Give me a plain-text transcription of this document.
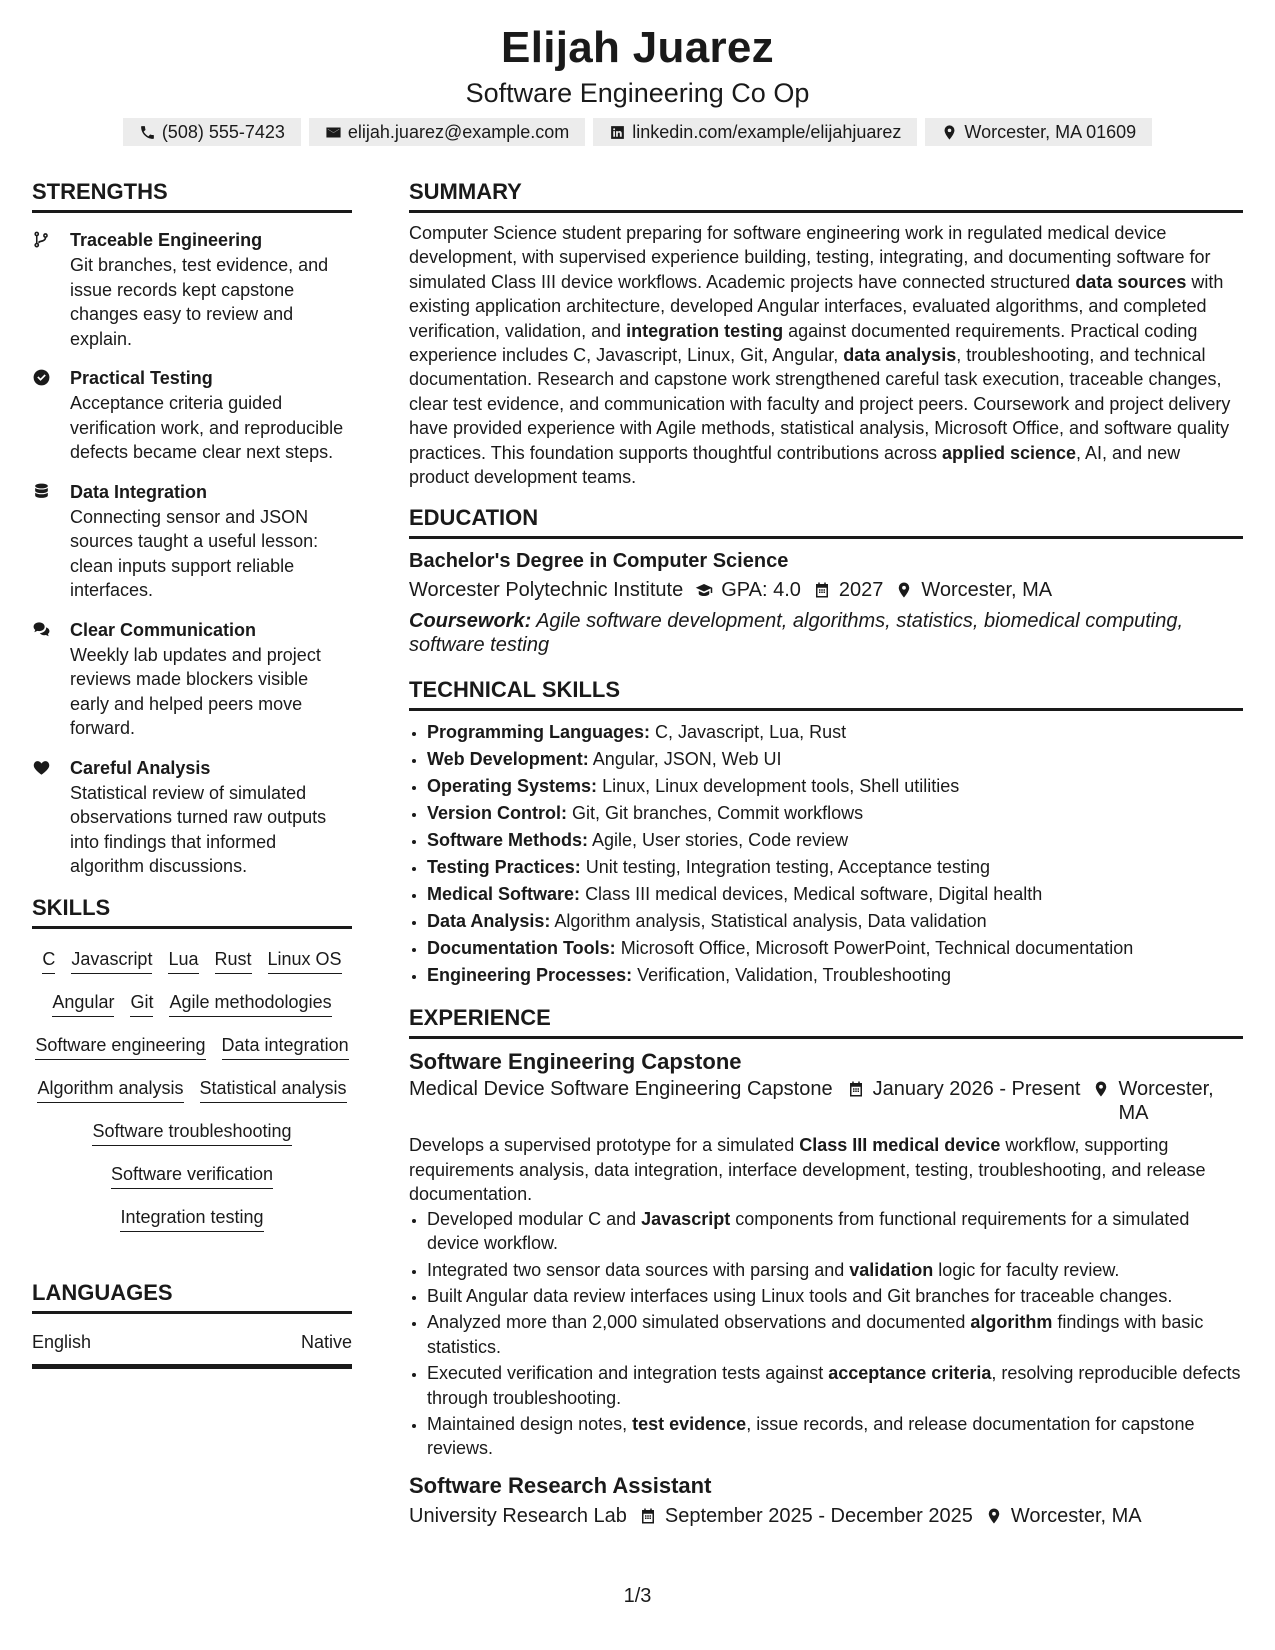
Elijah Juarez
Software Engineering Co Op
(508) 555-7423	elijah.juarez@example.com	linkedin.com/example/elijahjuarez	Worcester, MA 01609
STRENGTHS
Traceable Engineering
Git branches, test evidence, and issue records kept capstone changes easy to review and explain.
Practical Testing
Acceptance criteria guided verification work, and reproducible defects became clear next steps.
Data Integration
Connecting sensor and JSON sources taught a useful lesson: clean inputs support reliable interfaces.
Clear Communication
Weekly lab updates and project reviews made blockers visible early and helped peers move forward.
Careful Analysis
Statistical review of simulated observations turned raw outputs into findings that informed algorithm discussions.
SKILLS
C Javascript Lua Rust Linux OS
Angular Git Agile methodologies
Software engineering Data integration
Algorithm analysis Statistical analysis
Software troubleshooting
Software verification
Integration testing
LANGUAGES
English	Native
SUMMARY

Computer Science student preparing for software engineering work in regulated medical device development, with supervised experience building, testing, integrating, and documenting software for simulated Class III device workflows. Academic projects have connected structured data sources with existing application architecture, developed Angular interfaces, evaluated algorithms, and completed verification, validation, and integration testing against documented requirements. Practical coding experience includes C, Javascript, Linux, Git, Angular, data analysis, troubleshooting, and technical documentation. Research and capstone work strengthened careful task execution, traceable changes, clear test evidence, and communication with faculty and project peers. Coursework and project delivery have provided experience with Agile methods, statistical analysis, Microsoft Office, and software quality practices. This foundation supports thoughtful contributions across applied science, AI, and new product development teams.

EDUCATION
Bachelor's Degree in Computer Science
Worcester Polytechnic Institute GPA: 4.0 2027 Worcester, MA
Coursework: Agile software development, algorithms, statistics, biomedical computing, software testing
TECHNICAL SKILLS
• Programming Languages: C, Javascript, Lua, Rust
• Web Development: Angular, JSON, Web UI
• Operating Systems: Linux, Linux development tools, Shell utilities
• Version Control: Git, Git branches, Commit workflows
• Software Methods: Agile, User stories, Code review
• Testing Practices: Unit testing, Integration testing, Acceptance testing
• Medical Software: Class III medical devices, Medical software, Digital health
• Data Analysis: Algorithm analysis, Statistical analysis, Data validation
• Documentation Tools: Microsoft Office, Microsoft PowerPoint, Technical documentation
• Engineering Processes: Verification, Validation, Troubleshooting
EXPERIENCE
Software Engineering Capstone
Medical Device Software Engineering Capstone January 2026 - Present Worcester, MA

Develops a supervised prototype for a simulated Class III medical device workflow, supporting requirements analysis, data integration, interface development, testing, troubleshooting, and release documentation.

• Developed modular C and Javascript components from functional requirements for a simulated device workflow.
• Integrated two sensor data sources with parsing and validation logic for faculty review.
• Built Angular data review interfaces using Linux tools and Git branches for traceable changes.
• Analyzed more than 2,000 simulated observations and documented algorithm findings with basic statistics.
• Executed verification and integration tests against acceptance criteria, resolving reproducible defects through troubleshooting.
• Maintained design notes, test evidence, issue records, and release documentation for capstone reviews.
Software Research Assistant
University Research Lab September 2025 - December 2025 Worcester, MA
1/3
